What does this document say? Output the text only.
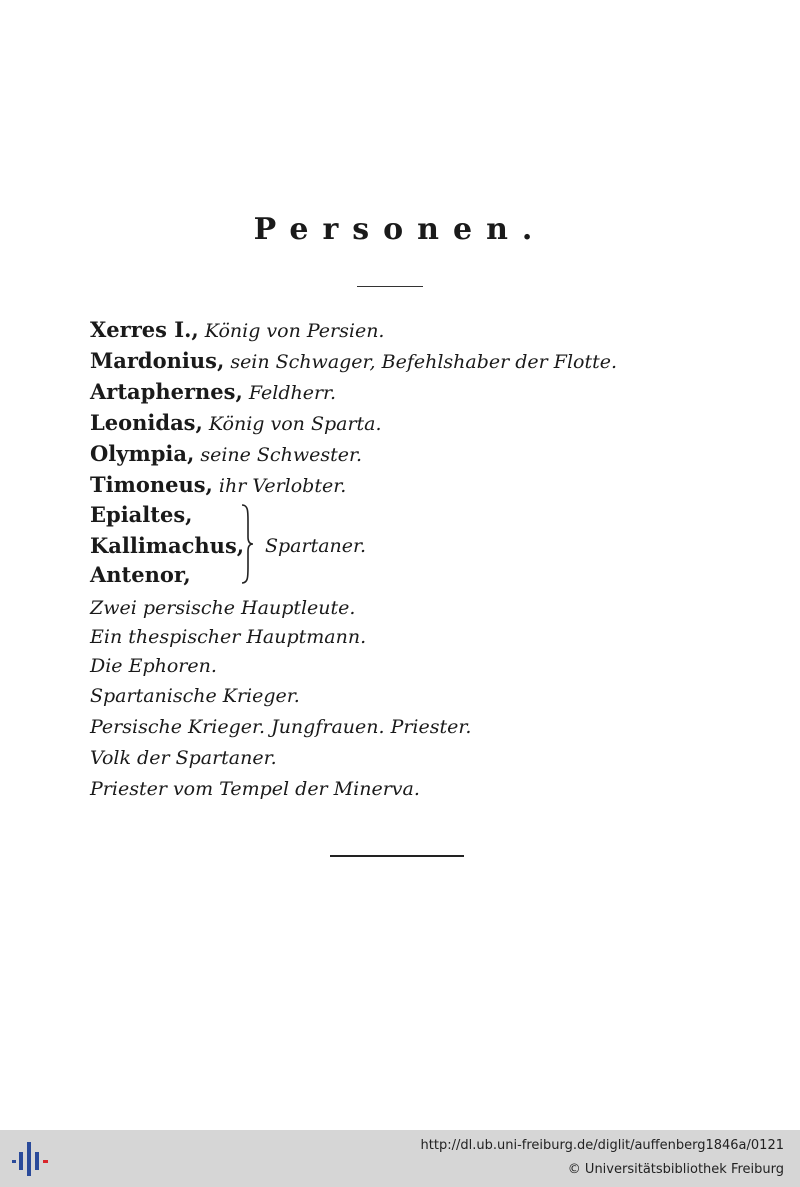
Personen.
Xerres I., König von Persien.
Mardonius, sein Schwager, Befehlshaber der Flotte.
Artaphernes, Feldherr.
Leonidas, König von Sparta.
Olympia, seine Schwester.
Timoneus, ihr Verlobter.
Epialtes,
Kallimachus,
Antenor,
Spartaner.
Zwei persische Hauptleute.
Ein thespischer Hauptmann.
Die Ephoren.
Spartanische Krieger.
Persische Krieger. Jungfrauen. Priester.
Volk der Spartaner.
Priester vom Tempel der Minerva.
http://dl.ub.uni-freiburg.de/diglit/auffenberg1846a/0121
© Universitätsbibliothek Freiburg
